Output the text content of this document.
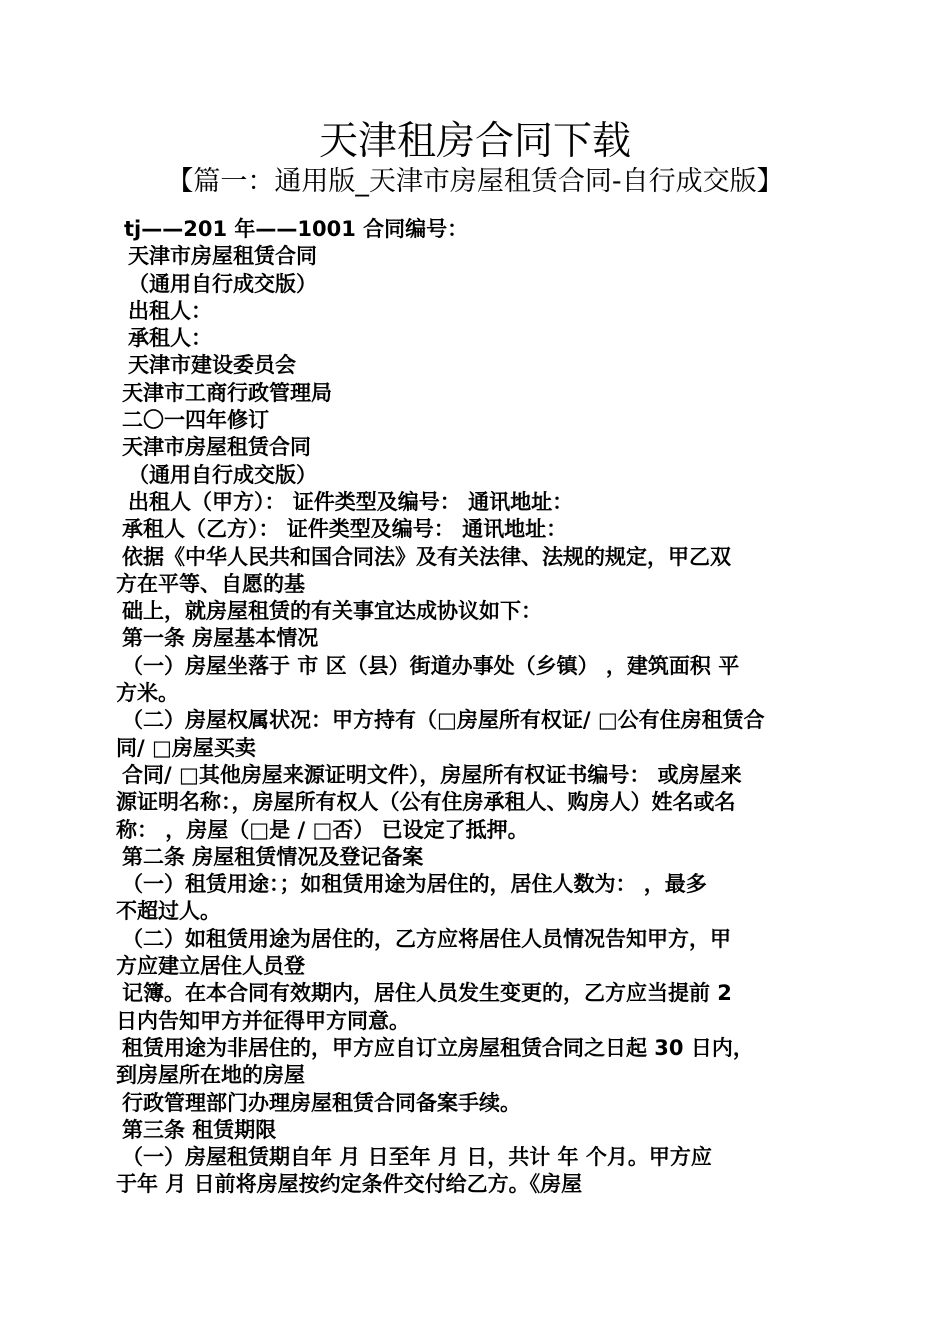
天津租房合同下载
【篇一：通用版_天津市房屋租赁合同-自行成交版】
tj——201 年——1001 合同编号：
天津市房屋租赁合同
（通用自行成交版）
出租人：
承租人：
天津市建设委员会
天津市工商行政管理局
二〇一四年修订
天津市房屋租赁合同
（通用自行成交版）
出租人（甲方）： 证件类型及编号： 通讯地址：
承租人（乙方）： 证件类型及编号： 通讯地址：
依据《中华人民共和国合同法》及有关法律、法规的规定，甲乙双
方在平等、自愿的基
础上，就房屋租赁的有关事宜达成协议如下：
第一条 房屋基本情况
（一）房屋坐落于 市 区（县）街道办事处（乡镇） ，建筑面积 平
方米。
（二）房屋权属状况：甲方持有（□房屋所有权证/ □公有住房租赁合
同/ □房屋买卖
合同/ □其他房屋来源证明文件），房屋所有权证书编号： 或房屋来
源证明名称：，房屋所有权人（公有住房承租人、购房人）姓名或名
称： ，房屋（□是 / □否） 已设定了抵押。
第二条 房屋租赁情况及登记备案
（一）租赁用途：；如租赁用途为居住的，居住人数为： ，最多
不超过人。
（二）如租赁用途为居住的，乙方应将居住人员情况告知甲方，甲
方应建立居住人员登
记簿。在本合同有效期内，居住人员发生变更的，乙方应当提前 2
日内告知甲方并征得甲方同意。
租赁用途为非居住的，甲方应自订立房屋租赁合同之日起 30 日内，
到房屋所在地的房屋
行政管理部门办理房屋租赁合同备案手续。
第三条 租赁期限
（一）房屋租赁期自年 月 日至年 月 日，共计 年 个月。甲方应
于年 月 日前将房屋按约定条件交付给乙方。《房屋
